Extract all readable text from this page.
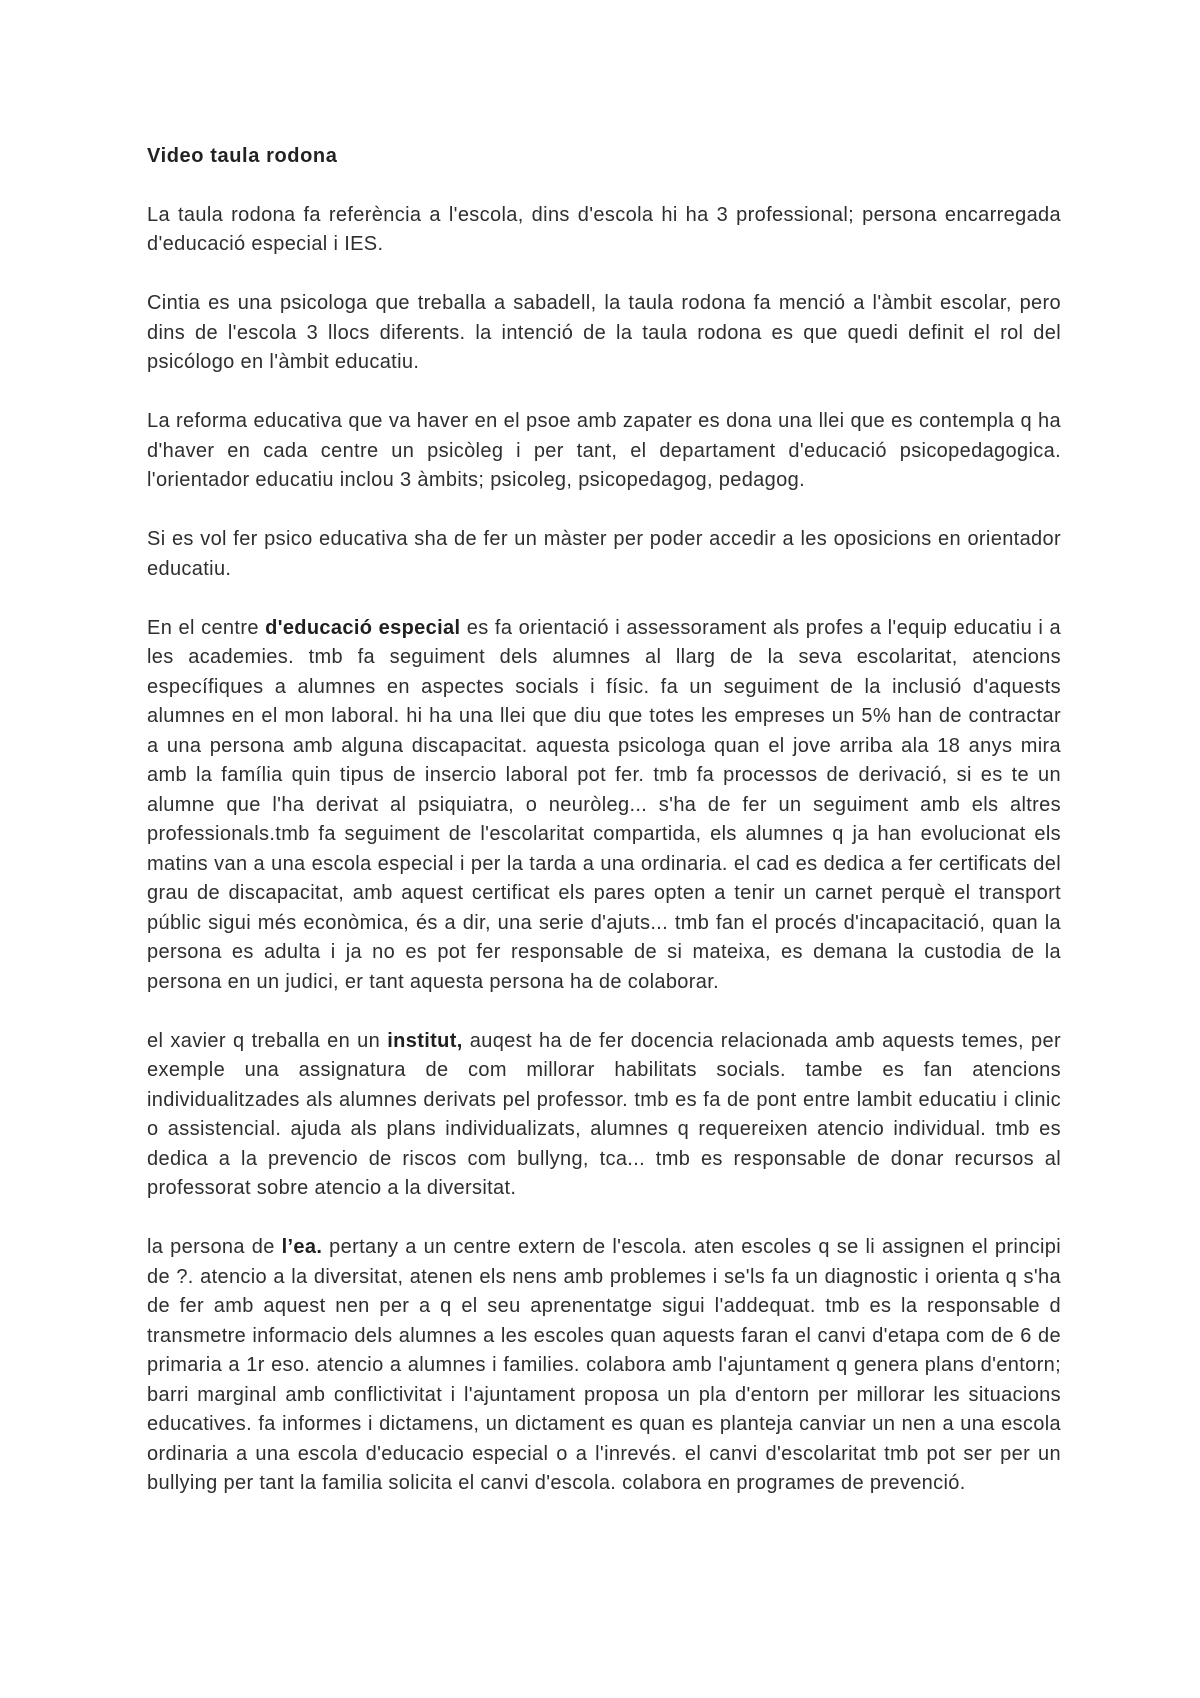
Video taula rodona

La taula rodona fa referència a l'escola, dins d'escola hi ha 3 professional; persona encarregada d'educació especial i IES.

Cintia es una psicologa que treballa a sabadell, la taula rodona fa menció a l'àmbit escolar, pero dins de l'escola 3 llocs diferents. la intenció de la taula rodona es que quedi definit el rol del psicólogo en l'àmbit educatiu.

La reforma educativa que va haver en el psoe amb zapater es dona una llei que es contempla q ha d'haver en cada centre un psicòleg i per tant, el departament d'educació psicopedagogica. l'orientador educatiu inclou 3 àmbits; psicoleg, psicopedagog, pedagog.

Si es vol fer psico educativa sha de fer un màster per poder accedir a les oposicions en orientador educatiu.

En el centre d'educació especial es fa orientació i assessorament als profes a l'equip educatiu i a les academies. tmb fa seguiment dels alumnes al llarg de la seva escolaritat, atencions específiques a alumnes en aspectes socials i físic. fa un seguiment de la inclusió d'aquests alumnes en el mon laboral. hi ha una llei que diu que totes les empreses un 5% han de contractar a una persona amb alguna discapacitat. aquesta psicologa quan el jove arriba ala 18 anys mira amb la família quin tipus de insercio laboral pot fer. tmb fa processos de derivació, si es te un alumne que l'ha derivat al psiquiatra, o neuròleg... s'ha de fer un seguiment amb els altres professionals.tmb fa seguiment de l'escolaritat compartida, els alumnes q ja han evolucionat els matins van a una escola especial i per la tarda a una ordinaria. el cad es dedica a fer certificats del grau de discapacitat, amb aquest certificat els pares opten a tenir un carnet perquè el transport públic sigui més econòmica, és a dir, una serie d'ajuts... tmb fan el procés d'incapacitació, quan la persona es adulta i ja no es pot fer responsable de si mateixa, es demana la custodia de la persona en un judici, er tant aquesta persona ha de colaborar.

el xavier q treballa en un institut, auqest ha de fer docencia relacionada amb aquests temes, per exemple una assignatura de com millorar habilitats socials. tambe es fan atencions individualitzades als alumnes derivats pel professor. tmb es fa de pont entre lambit educatiu i clinic o assistencial. ajuda als plans individualizats, alumnes q requereixen atencio individual. tmb es dedica a la prevencio de riscos com bullyng, tca... tmb es responsable de donar recursos al professorat sobre atencio a la diversitat.

la persona de l’ea. pertany a un centre extern de l'escola. aten escoles q se li assignen el principi de ?. atencio a la diversitat, atenen els nens amb problemes i se'ls fa un diagnostic i orienta q s'ha de fer amb aquest nen per a q el seu aprenentatge sigui l'addequat. tmb es la responsable d transmetre informacio dels alumnes a les escoles quan aquests faran el canvi d'etapa com de 6 de primaria a 1r eso. atencio a alumnes i families. colabora amb l'ajuntament q genera plans d'entorn; barri marginal amb conflictivitat i l'ajuntament proposa un pla d'entorn per millorar les situacions educatives. fa informes i dictamens, un dictament es quan es planteja canviar un nen a una escola ordinaria a una escola d'educacio especial o a l'inrevés. el canvi d'escolaritat tmb pot ser per un bullying per tant la familia solicita el canvi d'escola. colabora en programes de prevenció.
